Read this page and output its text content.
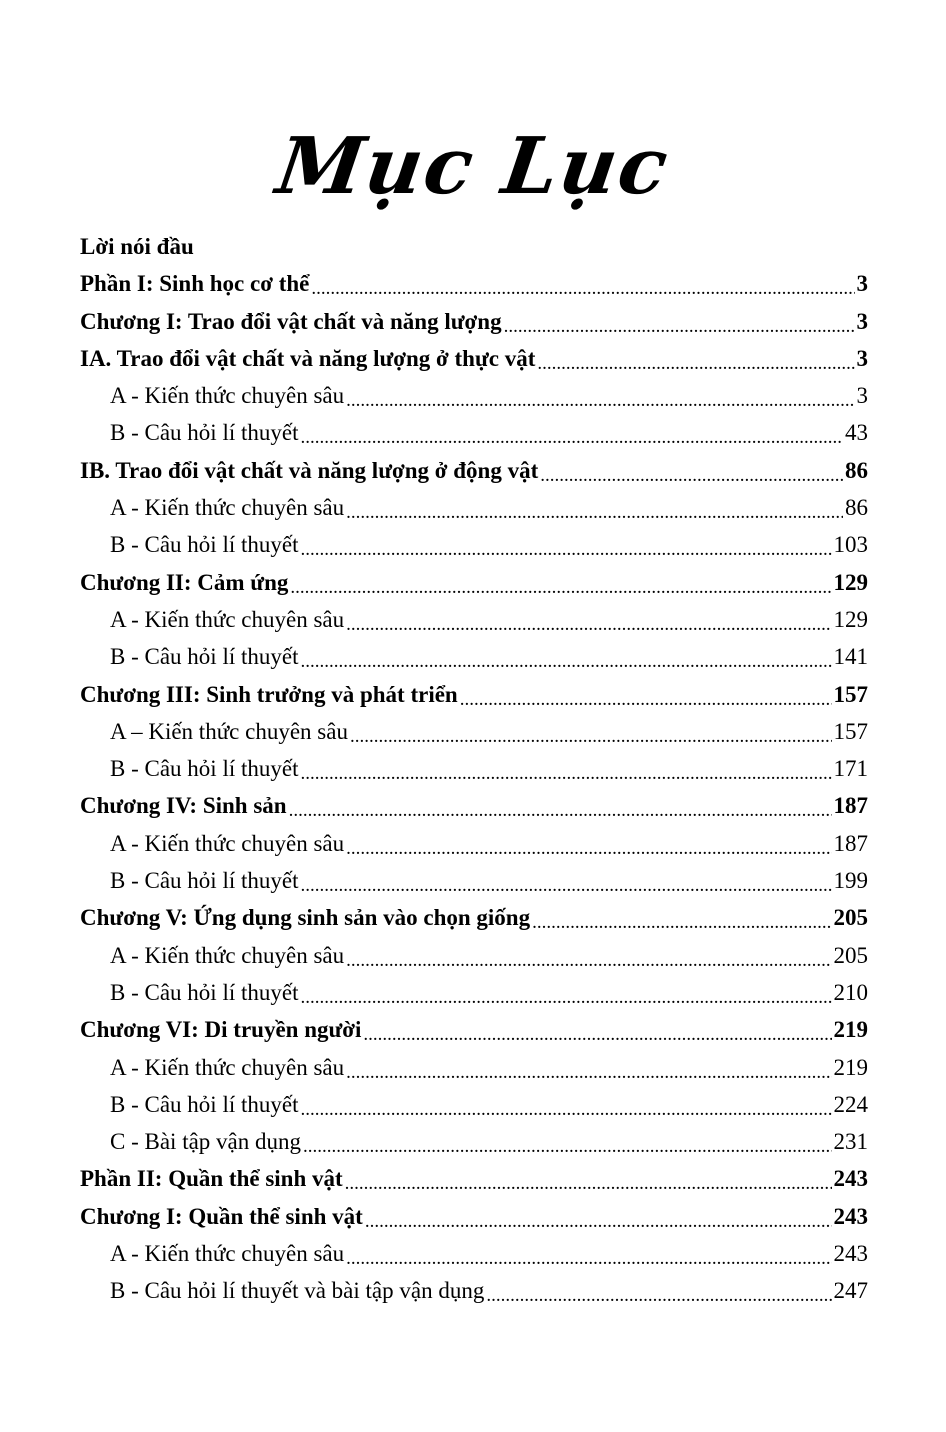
Mục Lục
Lời nói đầu
Phần I: Sinh học cơ thể .....	3
Chương I: Trao đổi vật chất và năng lượng .....	3
IA. Trao đổi vật chất và năng lượng ở thực vật .....	3
A - Kiến thức chuyên sâu .....	3
B - Câu hỏi lí thuyết .....	43
IB. Trao đổi vật chất và năng lượng ở động vật .....	86
A - Kiến thức chuyên sâu .....	86
B - Câu hỏi lí thuyết .....	103
Chương II: Cảm ứng .....	129
A - Kiến thức chuyên sâu .....	129
B - Câu hỏi lí thuyết .....	141
Chương III: Sinh trưởng và phát triển .....	157
A – Kiến thức chuyên sâu .....	157
B - Câu hỏi lí thuyết .....	171
Chương IV: Sinh sản .....	187
A - Kiến thức chuyên sâu .....	187
B - Câu hỏi lí thuyết .....	199
Chương V: Ứng dụng sinh sản vào chọn giống .....	205
A - Kiến thức chuyên sâu .....	205
B - Câu hỏi lí thuyết .....	210
Chương VI: Di truyền người .....	219
A - Kiến thức chuyên sâu .....	219
B - Câu hỏi lí thuyết .....	224
C - Bài tập vận dụng .....	231
Phần II: Quần thể sinh vật .....	243
Chương I: Quần thể sinh vật .....	243
A - Kiến thức chuyên sâu .....	243
B - Câu hỏi lí thuyết và bài tập vận dụng .....	247
